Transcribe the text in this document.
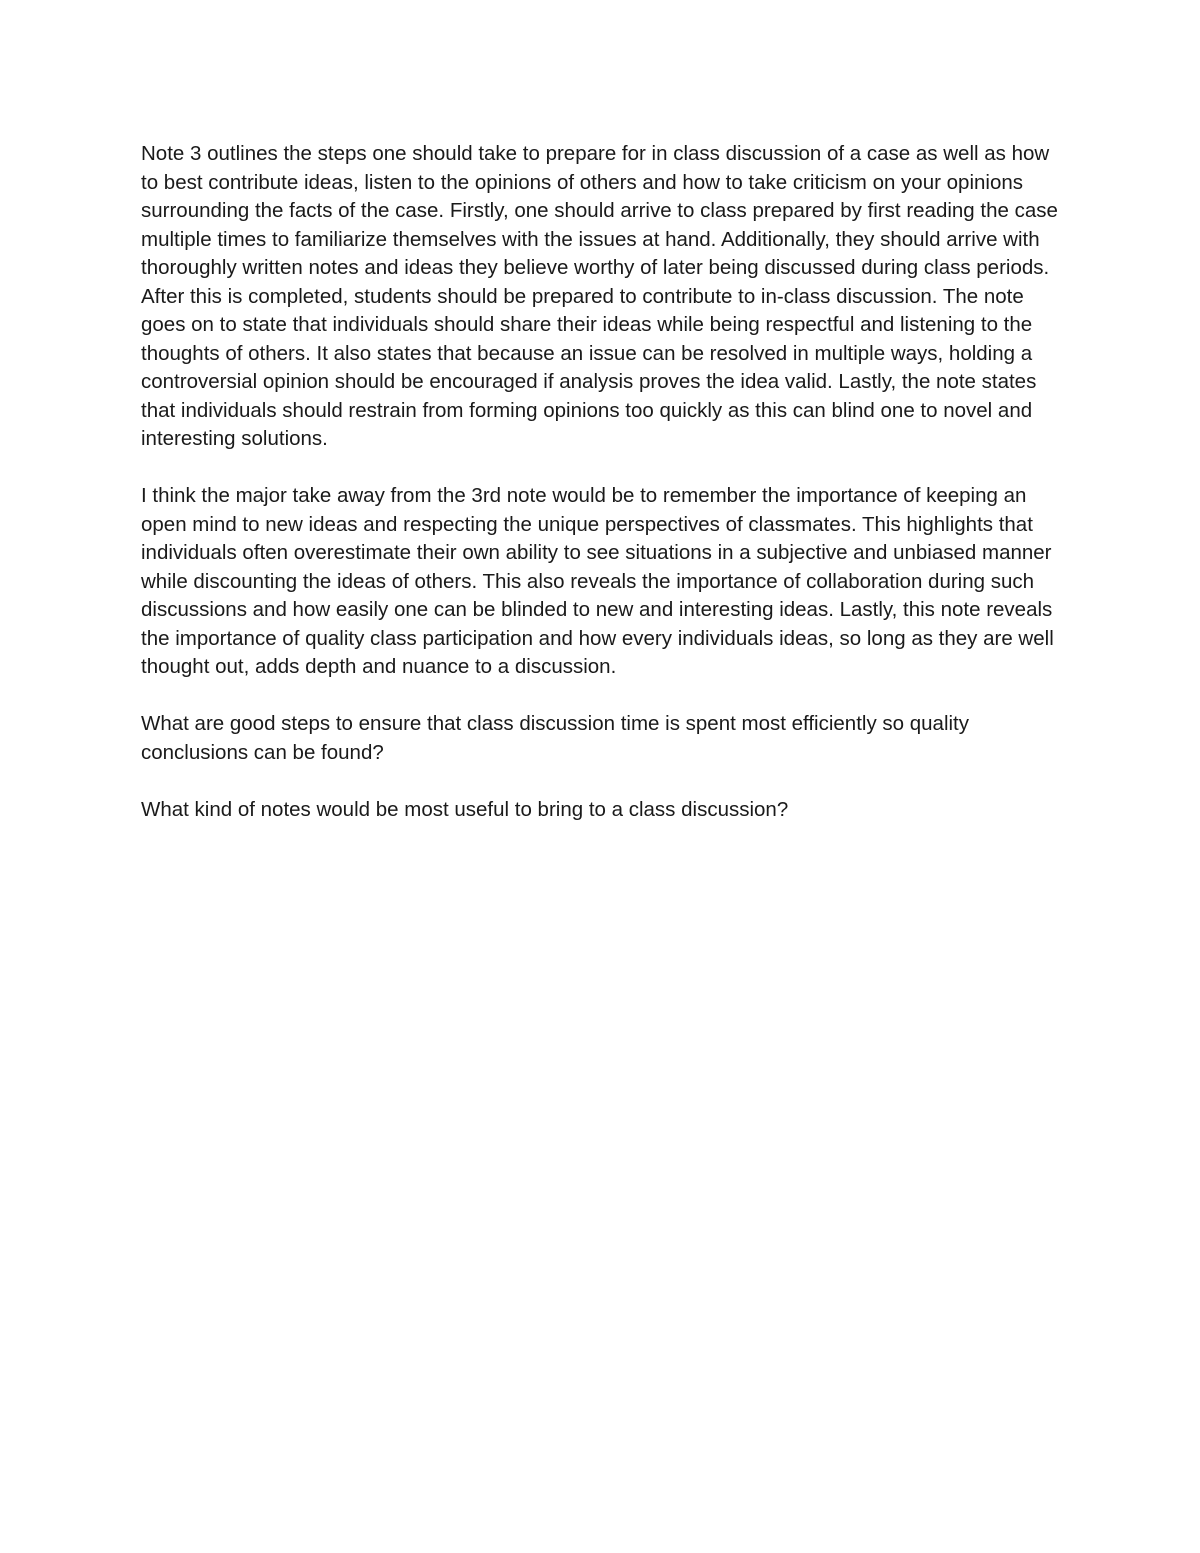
Note 3 outlines the steps one should take to prepare for in class discussion of a case as well as how to best contribute ideas, listen to the opinions of others and how to take criticism on your opinions surrounding the facts of the case. Firstly, one should arrive to class prepared by first reading the case multiple times to familiarize themselves with the issues at hand. Additionally, they should arrive with thoroughly written notes and ideas they believe worthy of later being discussed during class periods. After this is completed, students should be prepared to contribute to in-class discussion. The note goes on to state that individuals should share their ideas while being respectful and listening to the thoughts of others. It also states that because an issue can be resolved in multiple ways, holding a controversial opinion should be encouraged if analysis proves the idea valid. Lastly, the note states that individuals should restrain from forming opinions too quickly as this can blind one to novel and interesting solutions.

I think the major take away from the 3rd note would be to remember the importance of keeping an open mind to new ideas and respecting the unique perspectives of classmates. This highlights that individuals often overestimate their own ability to see situations in a subjective and unbiased manner while discounting the ideas of others. This also reveals the importance of collaboration during such discussions and how easily one can be blinded to new and interesting ideas. Lastly, this note reveals the importance of quality class participation and how every individuals ideas, so long as they are well thought out, adds depth and nuance to a discussion.

What are good steps to ensure that class discussion time is spent most efficiently so quality conclusions can be found?

What kind of notes would be most useful to bring to a class discussion?
